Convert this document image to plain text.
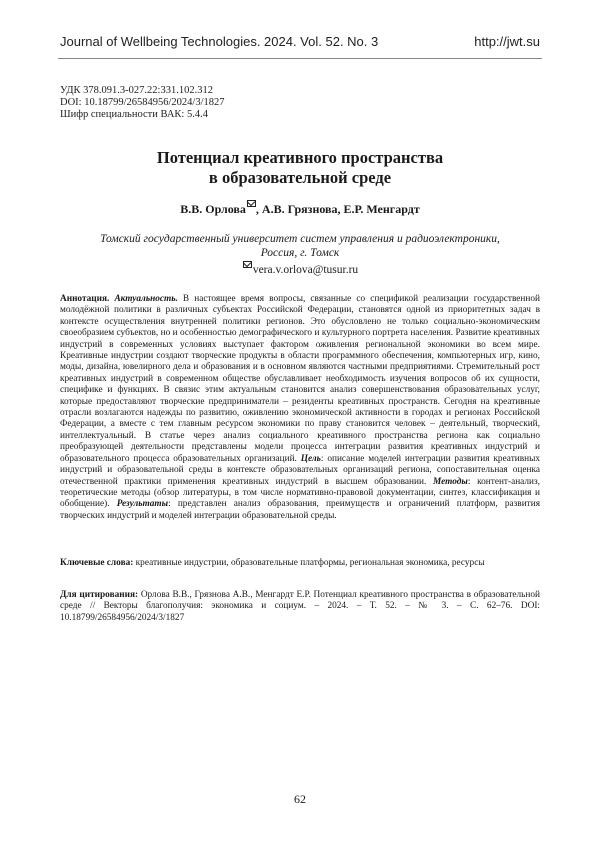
Journal of Wellbeing Technologies. 2024. Vol. 52. No. 3	http://jwt.su
УДК 378.091.3-027.22:331.102.312
DOI: 10.18799/26584956/2024/3/1827
Шифр специальности ВАК: 5.4.4
Потенциал креативного пространства
в образовательной среде
В.В. Орлова , А.В. Грязнова, Е.Р. Менгардт
Томский государственный университет систем управления и радиоэлектроники,
Россия, г. Томск
vera.v.orlova@tusur.ru
Аннотация. Актуальность. В настоящее время вопросы, связанные со спецификой реализации государственной молодёжной политики в различных субъектах Российской Федерации, становятся одной из приоритетных задач в контексте осуществления внутренней политики регионов. Это обусловлено не только социально-экономическим своеобразием субъектов, но и особенностью демографического и культурного портрета населения. Развитие креативных индустрий в современных условиях выступает фактором оживления региональной экономики во всем мире. Креативные индустрии создают творческие продукты в области программного обеспечения, компьютерных игр, кино, моды, дизайна, ювелирного дела и образования и в основном являются частными предприятиями. Стремительный рост креативных индустрий в современном обществе обуславливает необходимость изучения вопросов об их сущности, специфике и функциях. В связис этим актуальным становится анализ совершенствования образовательных услуг, которые предоставляют творческие предприниматели – резиденты креативных пространств. Сегодня на креативные отрасли возлагаются надежды по развитию, оживлению экономической активности в городах и регионах Российской Федерации, а вместе с тем главным ресурсом экономики по праву становится человек – деятельный, творческий, интеллектуальный. В статье через анализ социального креативного пространства региона как социально преобразующей деятельности представлены модели процесса интеграции развития креативных индустрий и образовательного процесса образовательных организаций. Цель: описание моделей интеграции развития креативных индустрий и образовательной среды в контексте образовательных организаций региона, сопоставительная оценка отечественной практики применения креативных индустрий в высшем образовании. Методы: контент-анализ, теоретические методы (обзор литературы, в том числе нормативно-правовой документации, синтез, классификация и обобщение). Результаты: представлен анализ образования, преимуществ и ограничений платформ, развития творческих индустрий и моделей интеграции образовательной среды.
Ключевые слова: креативные индустрии, образовательные платформы, региональная экономика, ресурсы
Для цитирования: Орлова В.В., Грязнова А.В., Менгардт Е.Р. Потенциал креативного пространства в образовательной среде // Векторы благополучия: экономика и социум. – 2024. – Т. 52. – № 3. – С. 62–76. DOI: 10.18799/26584956/2024/3/1827
62
